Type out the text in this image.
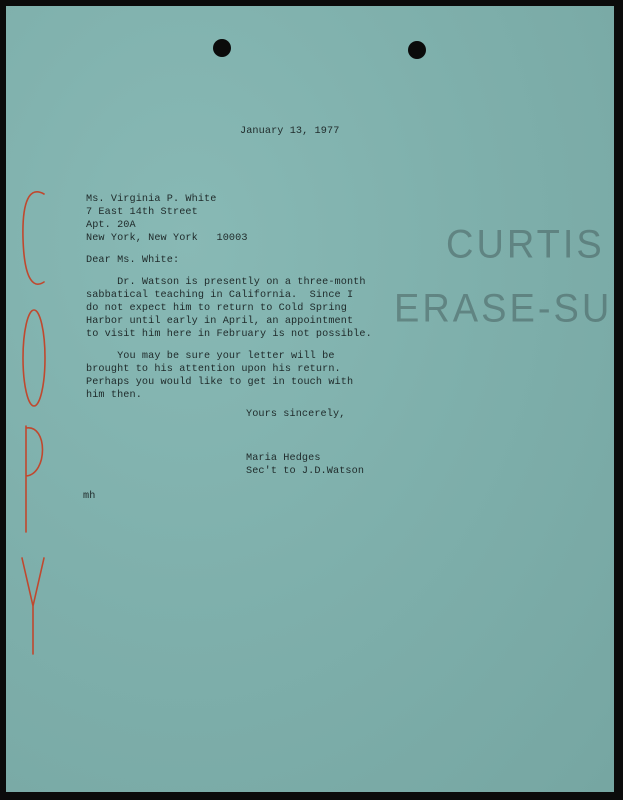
CURTIS
ERASE-SU
January 13, 1977
Ms. Virginia P. White
7 East 14th Street
Apt. 20A
New York, New York   10003
Dear Ms. White:
Dr. Watson is presently on a three-month
sabbatical teaching in California.  Since I
do not expect him to return to Cold Spring
Harbor until early in April, an appointment
to visit him here in February is not possible.
You may be sure your letter will be
brought to his attention upon his return.
Perhaps you would like to get in touch with
him then.
Yours sincerely,
Maria Hedges
Sec't to J.D.Watson
mh
